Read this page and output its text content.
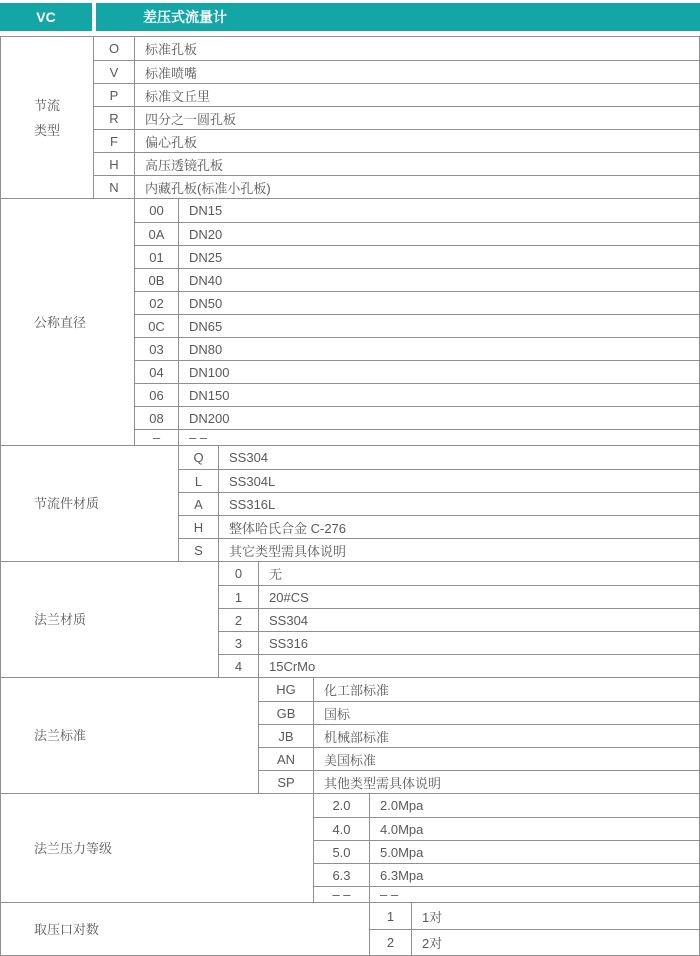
VC	差压式流量计
节流
类型
O	标准孔板
V	标准喷嘴
P	标准文丘里
R	四分之一圆孔板
F	偏心孔板
H	高压透镜孔板
N	内藏孔板(标准小孔板)
公称直径
00	DN15
0A	DN20
01	DN25
0B	DN40
02	DN50
0C	DN65
03	DN80
04	DN100
06	DN150
08	DN200
–	– –
节流件材质
Q	SS304
L	SS304L
A	SS316L
H	整体哈氏合金 C-276
S	其它类型需具体说明
法兰材质
0	无
1	20#CS
2	SS304
3	SS316
4	15CrMo
法兰标准
HG	化工部标准
GB	国标
JB	机械部标准
AN	美国标准
SP	其他类型需具体说明
法兰压力等级
2.0	2.0Mpa
4.0	4.0Mpa
5.0	5.0Mpa
6.3	6.3Mpa
– –	– –
取压口对数
1	1对
2	2对
